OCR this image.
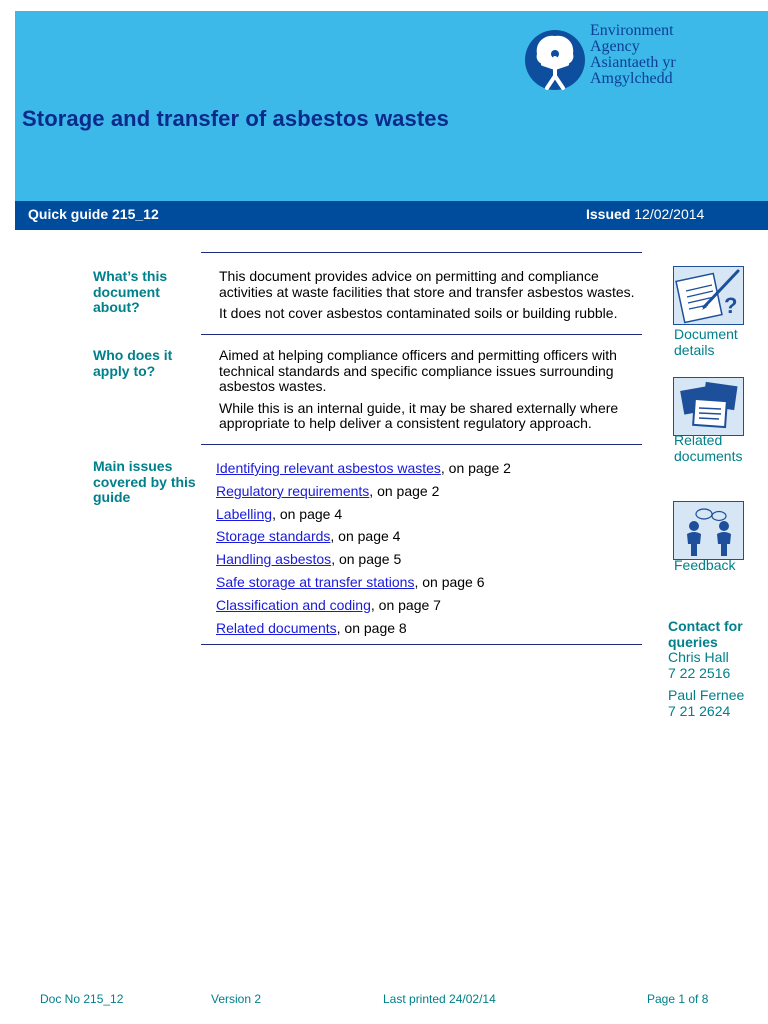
Storage and transfer of asbestos wastes
Environment
Agency
Asiantaeth yr
Amgylchedd
Quick guide 215_12	Issued 12/02/2014
What’s this document about?

This document provides advice on permitting and compliance activities at waste facilities that store and transfer asbestos wastes.

It does not cover asbestos contaminated soils or building rubble.

Who does it apply to?

Aimed at helping compliance officers and permitting officers with technical standards and specific compliance issues surrounding asbestos wastes.

While this is an internal guide, it may be shared externally where appropriate to help deliver a consistent regulatory approach.

Main issues covered by this guide
Identifying relevant asbestos wastes, on page 2
Regulatory requirements, on page 2
Labelling, on page 4
Storage standards, on page 4
Handling asbestos, on page 5
Safe storage at transfer stations, on page 6
Classification and coding, on page 7
Related documents, on page 8
?
Document details
Related documents
Feedback
Contact for queries
Chris Hall
7 22 2516
Paul Fernee
7 21 2624
Doc No 215_12	Version 2	Last printed 24/02/14	Page 1 of 8
